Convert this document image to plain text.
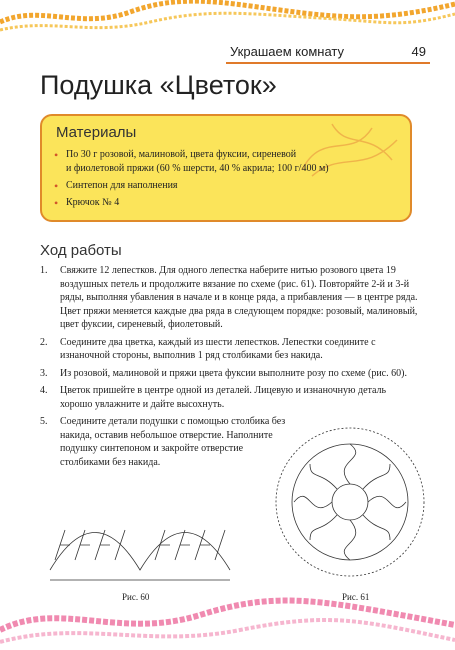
Украшаем комнату	49
Подушка «Цветок»
Материалы
• По 30 г розовой, малиновой, цвета фуксии, сиреневой
и фиолетовой пряжи (60 % шерсти, 40 % акрила; 100 г/400 м)
• Синтепон для наполнения
• Крючок № 4
Ход работы
1. Свяжите 12 лепестков. Для одного лепестка наберите нитью розового цвета 19 воздушных петель и продолжите вязание по схеме (рис. 61). Повторяйте 2-й и 3-й ряды, выполняя убавления в начале и в конце ряда, а прибавления — в центре ряда. Цвет пряжи меняется каждые два ряда в следующем порядке: розовый, малиновый, цвет фуксии, сиреневый, фиолетовый.
2. Соедините два цветка, каждый из шести лепестков. Лепестки соедините с изнаночной стороны, выполнив 1 ряд столбиками без накида.
3. Из розовой, малиновой и пряжи цвета фуксии выполните розу по схеме (рис. 60).
4. Цветок пришейте в центре одной из деталей. Лицевую и изнаночную деталь хорошо увлажните и дайте высохнуть.
5. Соедините детали подушки с помощью столбика без накида, оставив небольшое отверстие. Наполните подушку синтепоном и закройте отверстие столбиками без накида.
Рис. 60	Рис. 61
